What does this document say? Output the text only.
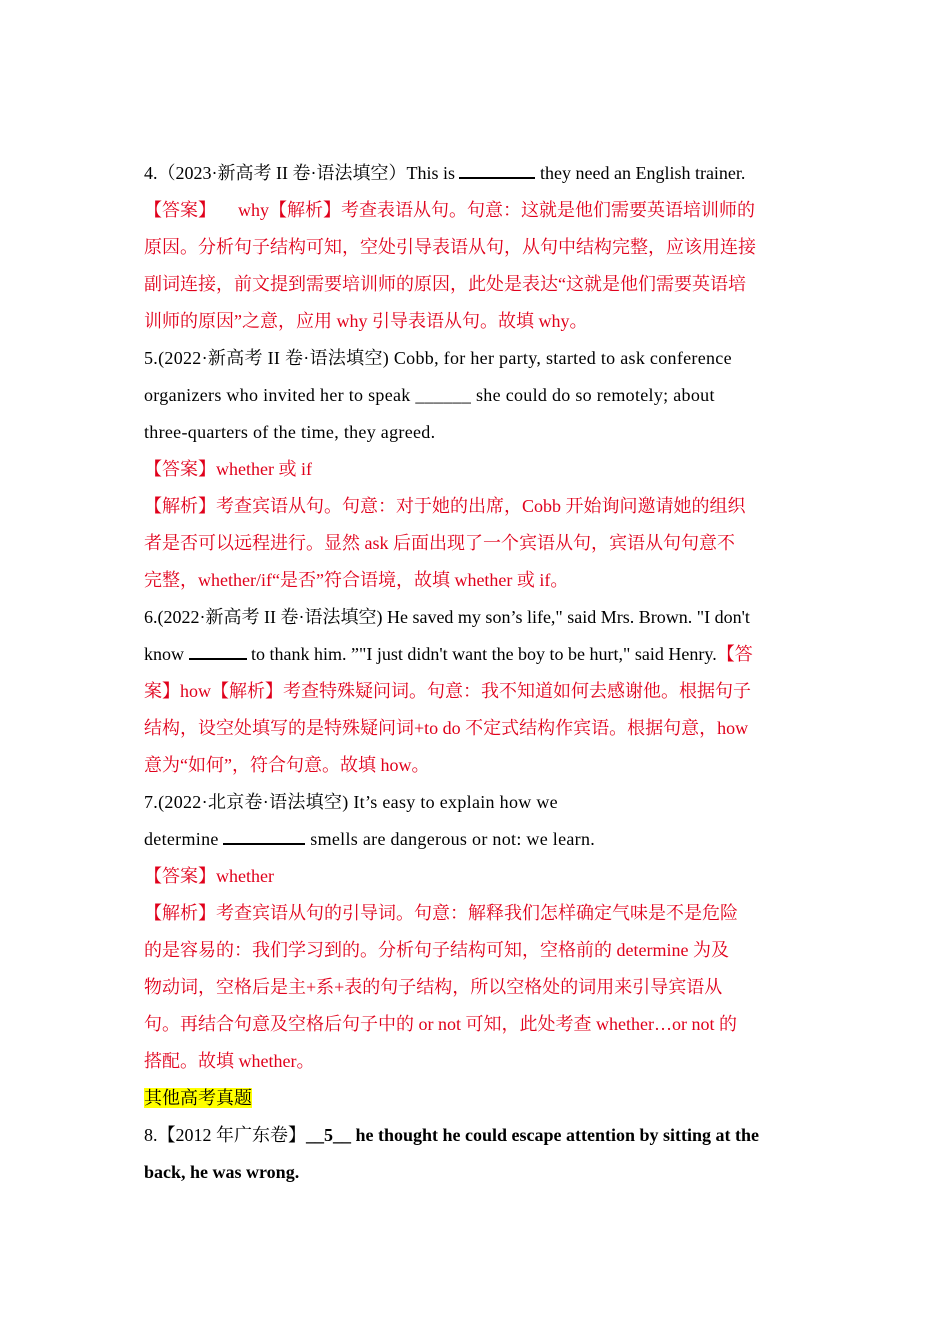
4.（2023·新高考 II 卷·语法填空）This is	they need an English trainer.
【答案】 why【解析】考查表语从句。句意：这就是他们需要英语培训师的
原因。分析句子结构可知，空处引导表语从句，从句中结构完整，应该用连接
副词连接，前文提到需要培训师的原因，此处是表达“这就是他们需要英语培
训师的原因”之意，应用 why 引导表语从句。故填 why。
5.(2022·新高考 II 卷·语法填空) Cobb, for her party, started to ask conference
organizers who invited her to speak ______ she could do so remotely; about
three-quarters of the time, they agreed.
【答案】whether 或 if
【解析】考查宾语从句。句意：对于她的出席，Cobb 开始询问邀请她的组织
者是否可以远程进行。显然 ask 后面出现了一个宾语从句，宾语从句句意不
完整，whether/if“是否”符合语境，故填 whether 或 if。
6.(2022·新高考 II 卷·语法填空) He saved my son’s life," said Mrs. Brown. "I don't
know	to thank him. ”"I just didn't want the boy to be hurt," said Henry.【答
案】how【解析】考查特殊疑问词。句意：我不知道如何去感谢他。根据句子
结构，设空处填写的是特殊疑问词+to do 不定式结构作宾语。根据句意，how
意为“如何”，符合句意。故填 how。
7.(2022·北京卷·语法填空) It’s easy to explain how we
determine	smells are dangerous or not: we learn.
【答案】whether
【解析】考查宾语从句的引导词。句意：解释我们怎样确定气味是不是危险
的是容易的：我们学习到的。分析句子结构可知，空格前的 determine 为及
物动词，空格后是主+系+表的句子结构，所以空格处的词用来引导宾语从
句。再结合句意及空格后句子中的 or not 可知，此处考查 whether…or not 的
搭配。故填 whether。
其他高考真题
8.【2012 年广东卷】__5__ he thought he could escape attention by sitting at the
back, he was wrong.
